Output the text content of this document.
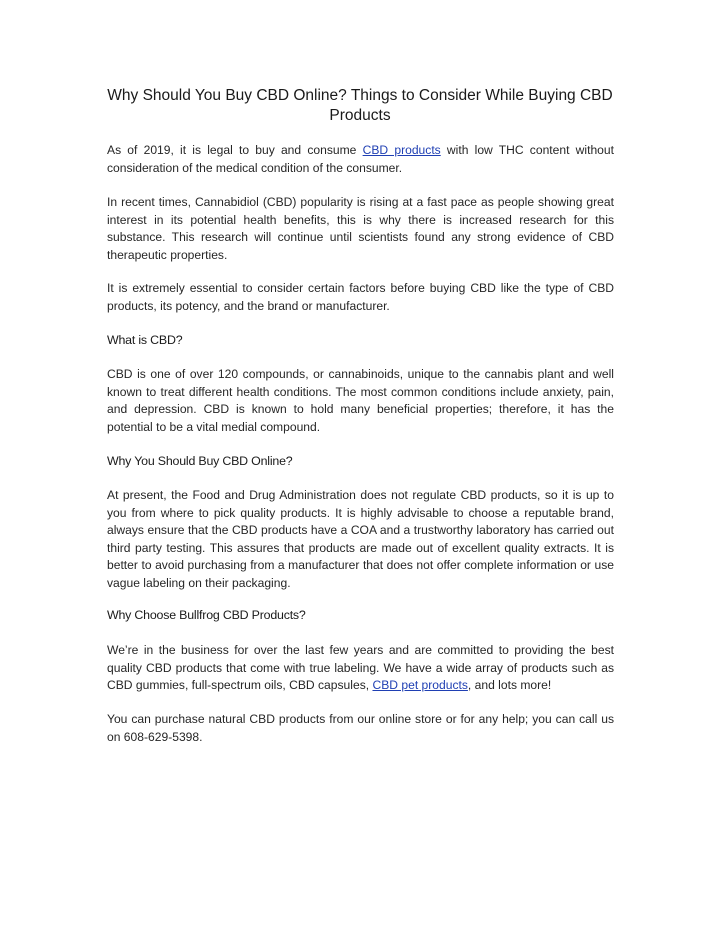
Why Should You Buy CBD Online? Things to Consider While Buying CBD Products

As of 2019, it is legal to buy and consume CBD products with low THC content without consideration of the medical condition of the consumer.

In recent times, Cannabidiol (CBD) popularity is rising at a fast pace as people showing great interest in its potential health benefits, this is why there is increased research for this substance. This research will continue until scientists found any strong evidence of CBD therapeutic properties.

It is extremely essential to consider certain factors before buying CBD like the type of CBD products, its potency, and the brand or manufacturer.

What is CBD?

CBD is one of over 120 compounds, or cannabinoids, unique to the cannabis plant and well known to treat different health conditions. The most common conditions include anxiety, pain, and depression. CBD is known to hold many beneficial properties; therefore, it has the potential to be a vital medial compound.

Why You Should Buy CBD Online?

At present, the Food and Drug Administration does not regulate CBD products, so it is up to you from where to pick quality products. It is highly advisable to choose a reputable brand, always ensure that the CBD products have a COA and a trustworthy laboratory has carried out third party testing. This assures that products are made out of excellent quality extracts. It is better to avoid purchasing from a manufacturer that does not offer complete information or use vague labeling on their packaging.

Why Choose Bullfrog CBD Products?

We’re in the business for over the last few years and are committed to providing the best quality CBD products that come with true labeling. We have a wide array of products such as CBD gummies, full-spectrum oils, CBD capsules, CBD pet products, and lots more!

You can purchase natural CBD products from our online store or for any help; you can call us on 608-629-5398.
